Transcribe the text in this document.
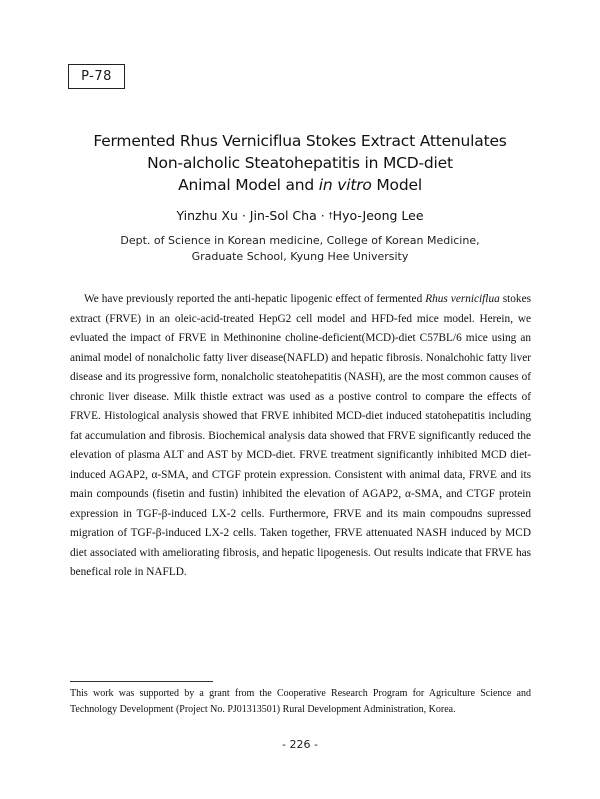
P-78
Fermented Rhus Verniciflua Stokes Extract Attenulates
Non-alcholic Steatohepatitis in MCD-diet
Animal Model and in vitro Model
Yinzhu Xu · Jin-Sol Cha · †Hyo-Jeong Lee
Dept. of Science in Korean medicine, College of Korean Medicine,
Graduate School, Kyung Hee University

We have previously reported the anti-hepatic lipogenic effect of fermented Rhus verniciflua stokes extract (FRVE) in an oleic-acid-treated HepG2 cell model and HFD-fed mice model. Herein, we evluated the impact of FRVE in Methinonine choline-deficient(MCD)-diet C57BL/6 mice using an animal model of nonalcholic fatty liver disease(NAFLD) and hepatic fibrosis. Nonalchohic fatty liver disease and its progressive form, nonalcholic steatohepatitis (NASH), are the most common causes of chronic liver disease. Milk thistle extract was used as a postive control to compare the effects of FRVE. Histological analysis showed that FRVE inhibited MCD-diet induced statohepatitis including fat accumulation and fibrosis. Biochemical analysis data showed that FRVE significantly reduced the elevation of plasma ALT and AST by MCD-diet. FRVE treatment significantly inhibited MCD diet-induced AGAP2, α-SMA, and CTGF protein expression. Consistent with animal data, FRVE and its main compounds (fisetin and fustin) inhibited the elevation of AGAP2, α-SMA, and CTGF protein expression in TGF-β-induced LX-2 cells. Furthermore, FRVE and its main compoudns supressed migration of TGF-β-induced LX-2 cells. Taken together, FRVE attenuated NASH induced by MCD diet associated with ameliorating fibrosis, and hepatic lipogenesis. Out results indicate that FRVE has benefical role in NAFLD.

This work was supported by a grant from the Cooperative Research Program for Agriculture Science and Technology Development (Project No. PJ01313501) Rural Development Administration, Korea.

- 226 -
